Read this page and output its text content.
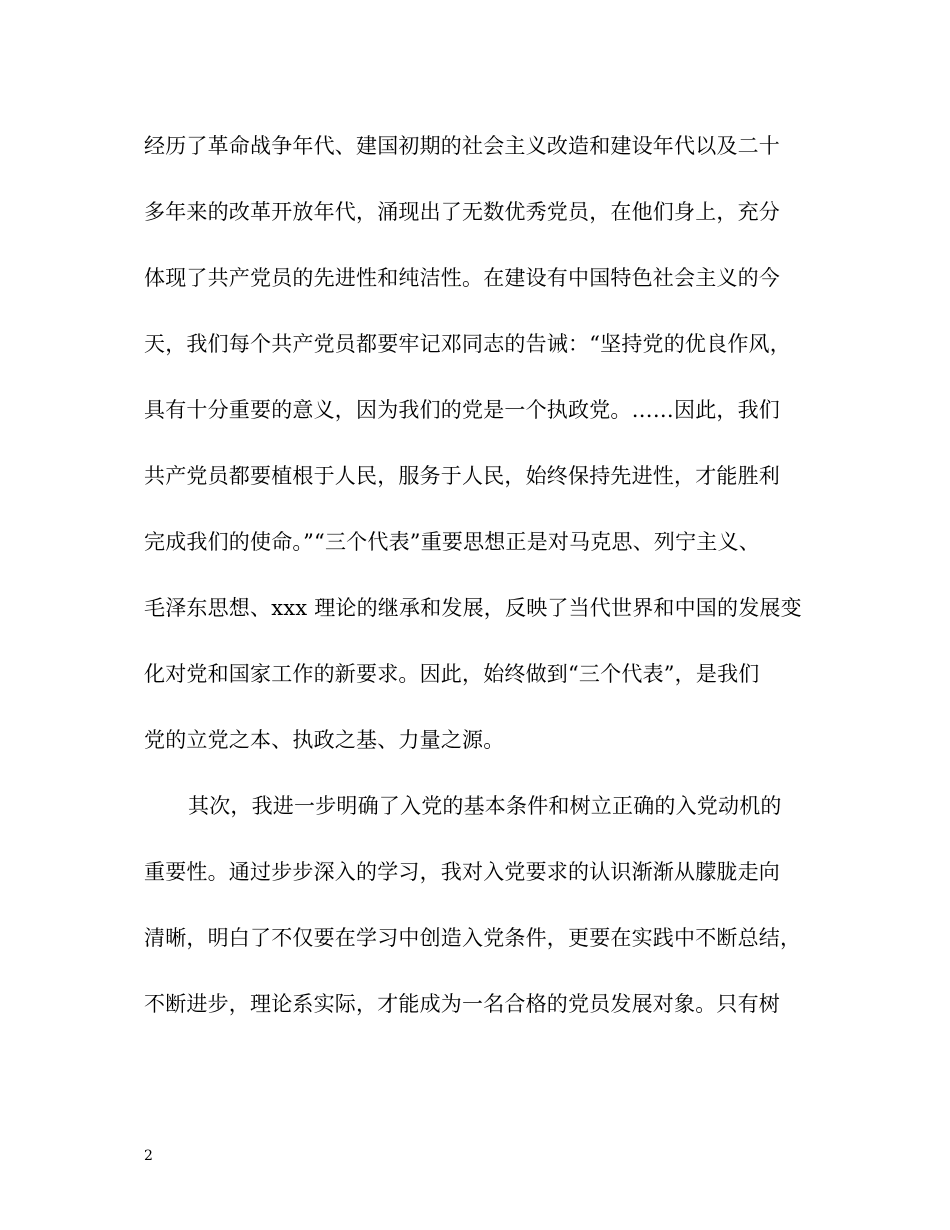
经历了革命战争年代、建国初期的社会主义改造和建设年代以及二十
多年来的改革开放年代，涌现出了无数优秀党员，在他们身上，充分
体现了共产党员的先进性和纯洁性。在建设有中国特色社会主义的今
天，我们每个共产党员都要牢记邓同志的告诫：“坚持党的优良作风，
具有十分重要的意义，因为我们的党是一个执政党。……因此，我们
共产党员都要植根于人民，服务于人民，始终保持先进性，才能胜利
完成我们的使命。”“三个代表”重要思想正是对马克思、列宁主义、
毛泽东思想、xxx 理论的继承和发展，反映了当代世界和中国的发展变
化对党和国家工作的新要求。因此，始终做到“三个代表”，是我们
党的立党之本、执政之基、力量之源。
其次，我进一步明确了入党的基本条件和树立正确的入党动机的
重要性。通过步步深入的学习，我对入党要求的认识渐渐从朦胧走向
清晰，明白了不仅要在学习中创造入党条件，更要在实践中不断总结，
不断进步，理论系实际，才能成为一名合格的党员发展对象。只有树
2
